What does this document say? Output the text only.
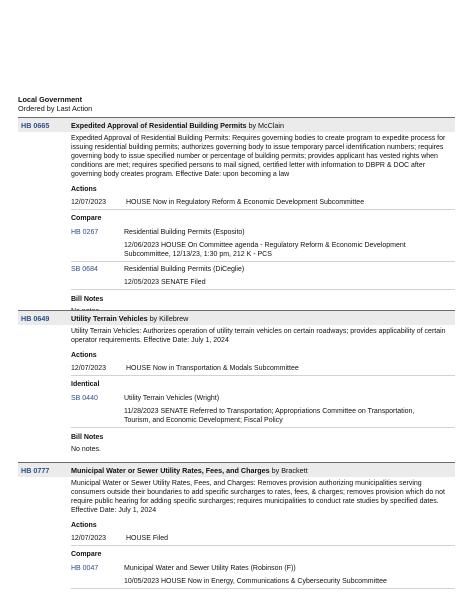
Local Government
Ordered by Last Action
HB 0665	Expedited Approval of Residential Building Permits by McClain
Expedited Approval of Residential Building Permits: Requires governing bodies to create program to expedite process for issuing residential building permits; authorizes governing body to issue temporary parcel identification numbers; requires governing body to issue specified number or percentage of building permits; provides applicant has vested rights when conditions are met; requires specified persons to mail signed, certified letter with information to DBPR & DOC after governing body creates program. Effective Date: upon becoming a law
Actions
12/07/2023	HOUSE Now in Regulatory Reform & Economic Development Subcommittee
Compare
HB 0267	Residential Building Permits (Esposito)
12/06/2023 HOUSE On Committee agenda - Regulatory Reform & Economic Development Subcommittee, 12/13/23, 1:30 pm, 212 K - PCS
SB 0684	Residential Building Permits (DiCeglie)
12/05/2023 SENATE Filed
Bill Notes
HB 0649	Utility Terrain Vehicles by Killebrew
Utility Terrain Vehicles: Authorizes operation of utility terrain vehicles on certain roadways; provides applicability of certain operator requirements. Effective Date: July 1, 2024
Actions
12/07/2023	HOUSE Now in Transportation & Modals Subcommittee
Identical
SB 0440	Utility Terrain Vehicles (Wright)
11/28/2023 SENATE Referred to Transportation; Appropriations Committee on Transportation, Tourism, and Economic Development; Fiscal Policy
Bill Notes
No notes.
HB 0777	Municipal Water or Sewer Utility Rates, Fees, and Charges by Brackett
Municipal Water or Sewer Utility Rates, Fees, and Charges: Removes provision authorizing municipalities serving consumers outside their boundaries to add specific surcharges to rates, fees, & charges; removes provision which do not require public hearing for adding specific surcharges; requires municipalities to conduct rate studies by specified dates. Effective Date: July 1, 2024
Actions
12/07/2023	HOUSE Filed
Compare
HB 0047	Municipal Water and Sewer Utility Rates (Robinson (F))
10/05/2023 HOUSE Now in Energy, Communications & Cybersecurity Subcommittee
